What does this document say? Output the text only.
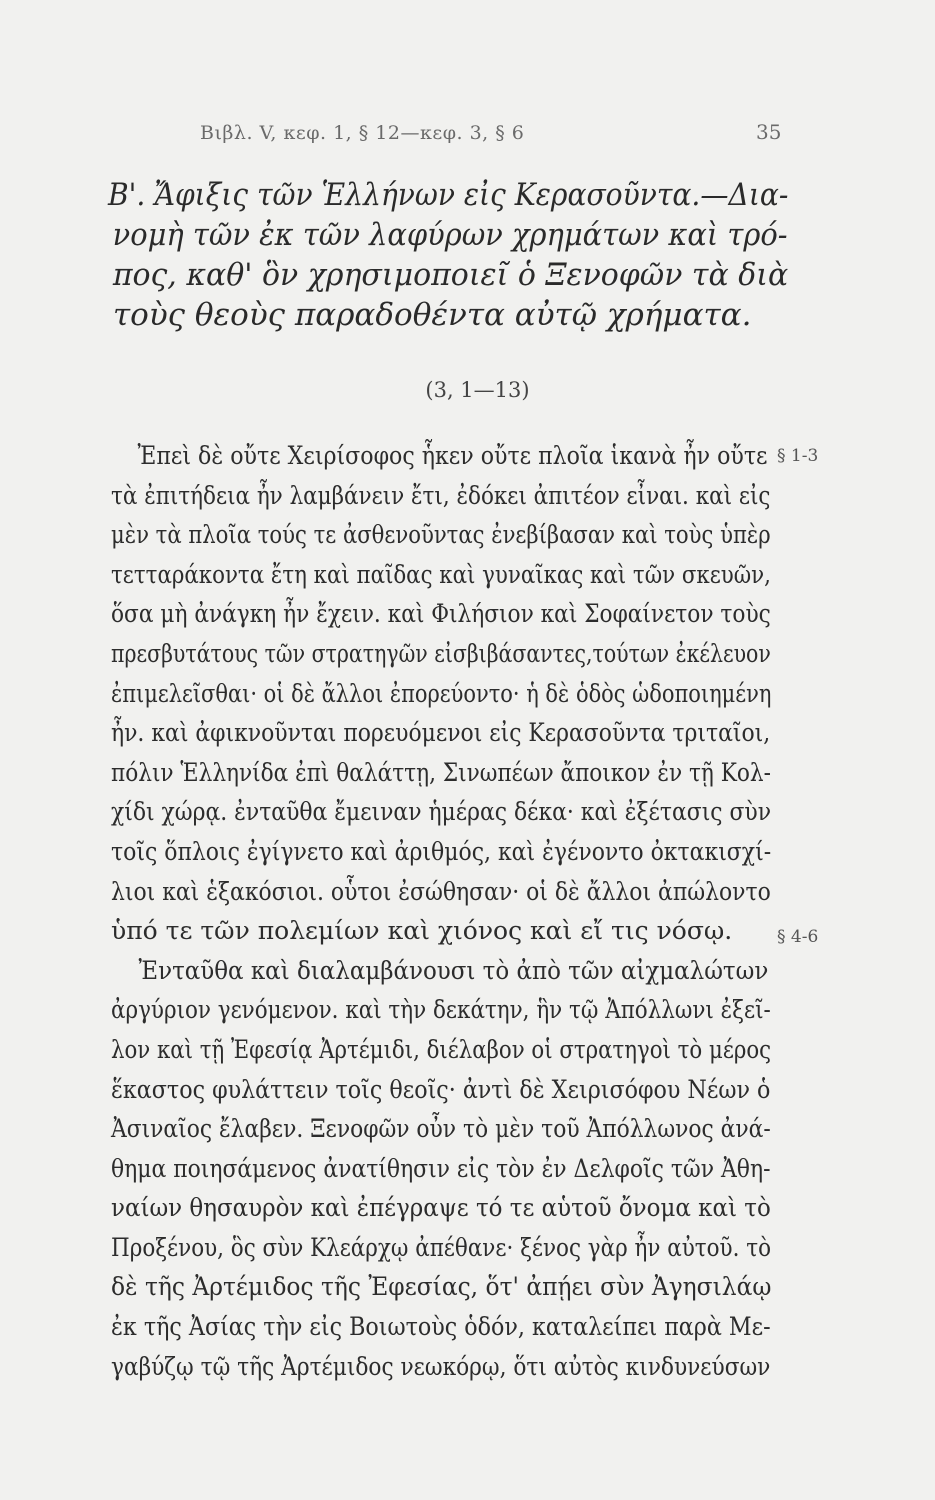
Βιβλ. V, κεφ. 1, § 12—κεφ. 3, § 6	35
Β'. Ἄφιξις τῶν Ἑλλήνων εἰς Κερασοῦντα.—Δια-
νομὴ τῶν ἐκ τῶν λαφύρων χρημάτων καὶ τρό-
πος, καθ' ὃν χρησιμοποιεῖ ὁ Ξενοφῶν τὰ διὰ
τοὺς θεοὺς παραδοθέντα αὐτῷ χρήματα.
(3, 1—13)
§ 1-3
§ 4-6
Ἐπεὶ δὲ οὔτε Χειρίσοφος ἧκεν οὔτε πλοῖα ἱκανὰ ἦν οὔτε
τὰ ἐπιτήδεια ἦν λαμβάνειν ἔτι, ἐδόκει ἀπιτέον εἶναι. καὶ εἰς
μὲν τὰ πλοῖα τούς τε ἀσθενοῦντας ἐνεβίβασαν καὶ τοὺς ὑπὲρ
τετταράκοντα ἔτη καὶ παῖδας καὶ γυναῖκας καὶ τῶν σκευῶν,
ὅσα μὴ ἀνάγκη ἦν ἔχειν. καὶ Φιλήσιον καὶ Σοφαίνετον τοὺς
πρεσβυτάτους τῶν στρατηγῶν εἰσβιβάσαντες,τούτων ἐκέλευον
ἐπιμελεῖσθαι· οἱ δὲ ἄλλοι ἐπορεύοντο· ἡ δὲ ὁδὸς ὡδοποιημένη
ἦν. καὶ ἀφικνοῦνται πορευόμενοι εἰς Κερασοῦντα τριταῖοι,
πόλιν Ἑλληνίδα ἐπὶ θαλάττῃ, Σινωπέων ἄποικον ἐν τῇ Κολ-
χίδι χώρᾳ. ἐνταῦθα ἔμειναν ἡμέρας δέκα· καὶ ἐξέτασις σὺν
τοῖς ὅπλοις ἐγίγνετο καὶ ἀριθμός, καὶ ἐγένοντο ὀκτακισχί-
λιοι καὶ ἑξακόσιοι. οὗτοι ἐσώθησαν· οἱ δὲ ἄλλοι ἀπώλοντο
ὑπό τε τῶν πολεμίων καὶ χιόνος καὶ εἴ τις νόσῳ.
Ἐνταῦθα καὶ διαλαμβάνουσι τὸ ἀπὸ τῶν αἰχμαλώτων
ἀργύριον γενόμενον. καὶ τὴν δεκάτην, ἣν τῷ Ἀπόλλωνι ἐξεῖ-
λον καὶ τῇ Ἐφεσίᾳ Ἀρτέμιδι, διέλαβον οἱ στρατηγοὶ τὸ μέρος
ἕκαστος φυλάττειν τοῖς θεοῖς· ἀντὶ δὲ Χειρισόφου Νέων ὁ
Ἀσιναῖος ἔλαβεν. Ξενοφῶν οὖν τὸ μὲν τοῦ Ἀπόλλωνος ἀνά-
θημα ποιησάμενος ἀνατίθησιν εἰς τὸν ἐν Δελφοῖς τῶν Ἀθη-
ναίων θησαυρὸν καὶ ἐπέγραψε τό τε αὑτοῦ ὄνομα καὶ τὸ
Προξένου, ὃς σὺν Κλεάρχῳ ἀπέθανε· ξένος γὰρ ἦν αὐτοῦ. τὸ
δὲ τῆς Ἀρτέμιδος τῆς Ἐφεσίας, ὅτ' ἀπῄει σὺν Ἀγησιλάῳ
ἐκ τῆς Ἀσίας τὴν εἰς Βοιωτοὺς ὁδόν, καταλείπει παρὰ Με-
γαβύζῳ τῷ τῆς Ἀρτέμιδος νεωκόρῳ, ὅτι αὐτὸς κινδυνεύσων
